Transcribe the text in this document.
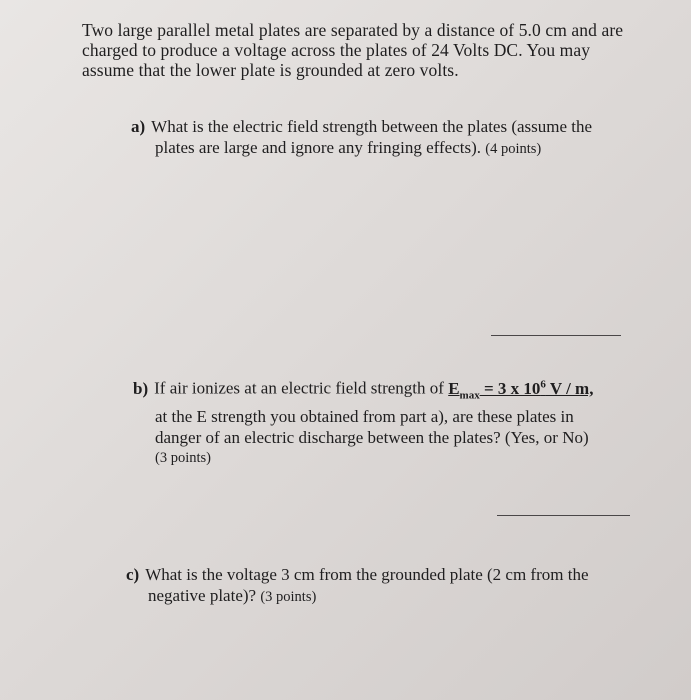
Two large parallel metal plates are separated by a distance of 5.0 cm and are
charged to produce a voltage across the plates of 24 Volts DC. You may
assume that the lower plate is grounded at zero volts.
a) What is the electric field strength between the plates (assume the
plates are large and ignore any fringing effects). (4 points)
b) If air ionizes at an electric field strength of $E_{max} = 3$ x $10^6$ V / m,
at the E strength you obtained from part a), are these plates in
danger of an electric discharge between the plates? (Yes, or No)
(3 points)
c) What is the voltage 3 cm from the grounded plate (2 cm from the
negative plate)? (3 points)
